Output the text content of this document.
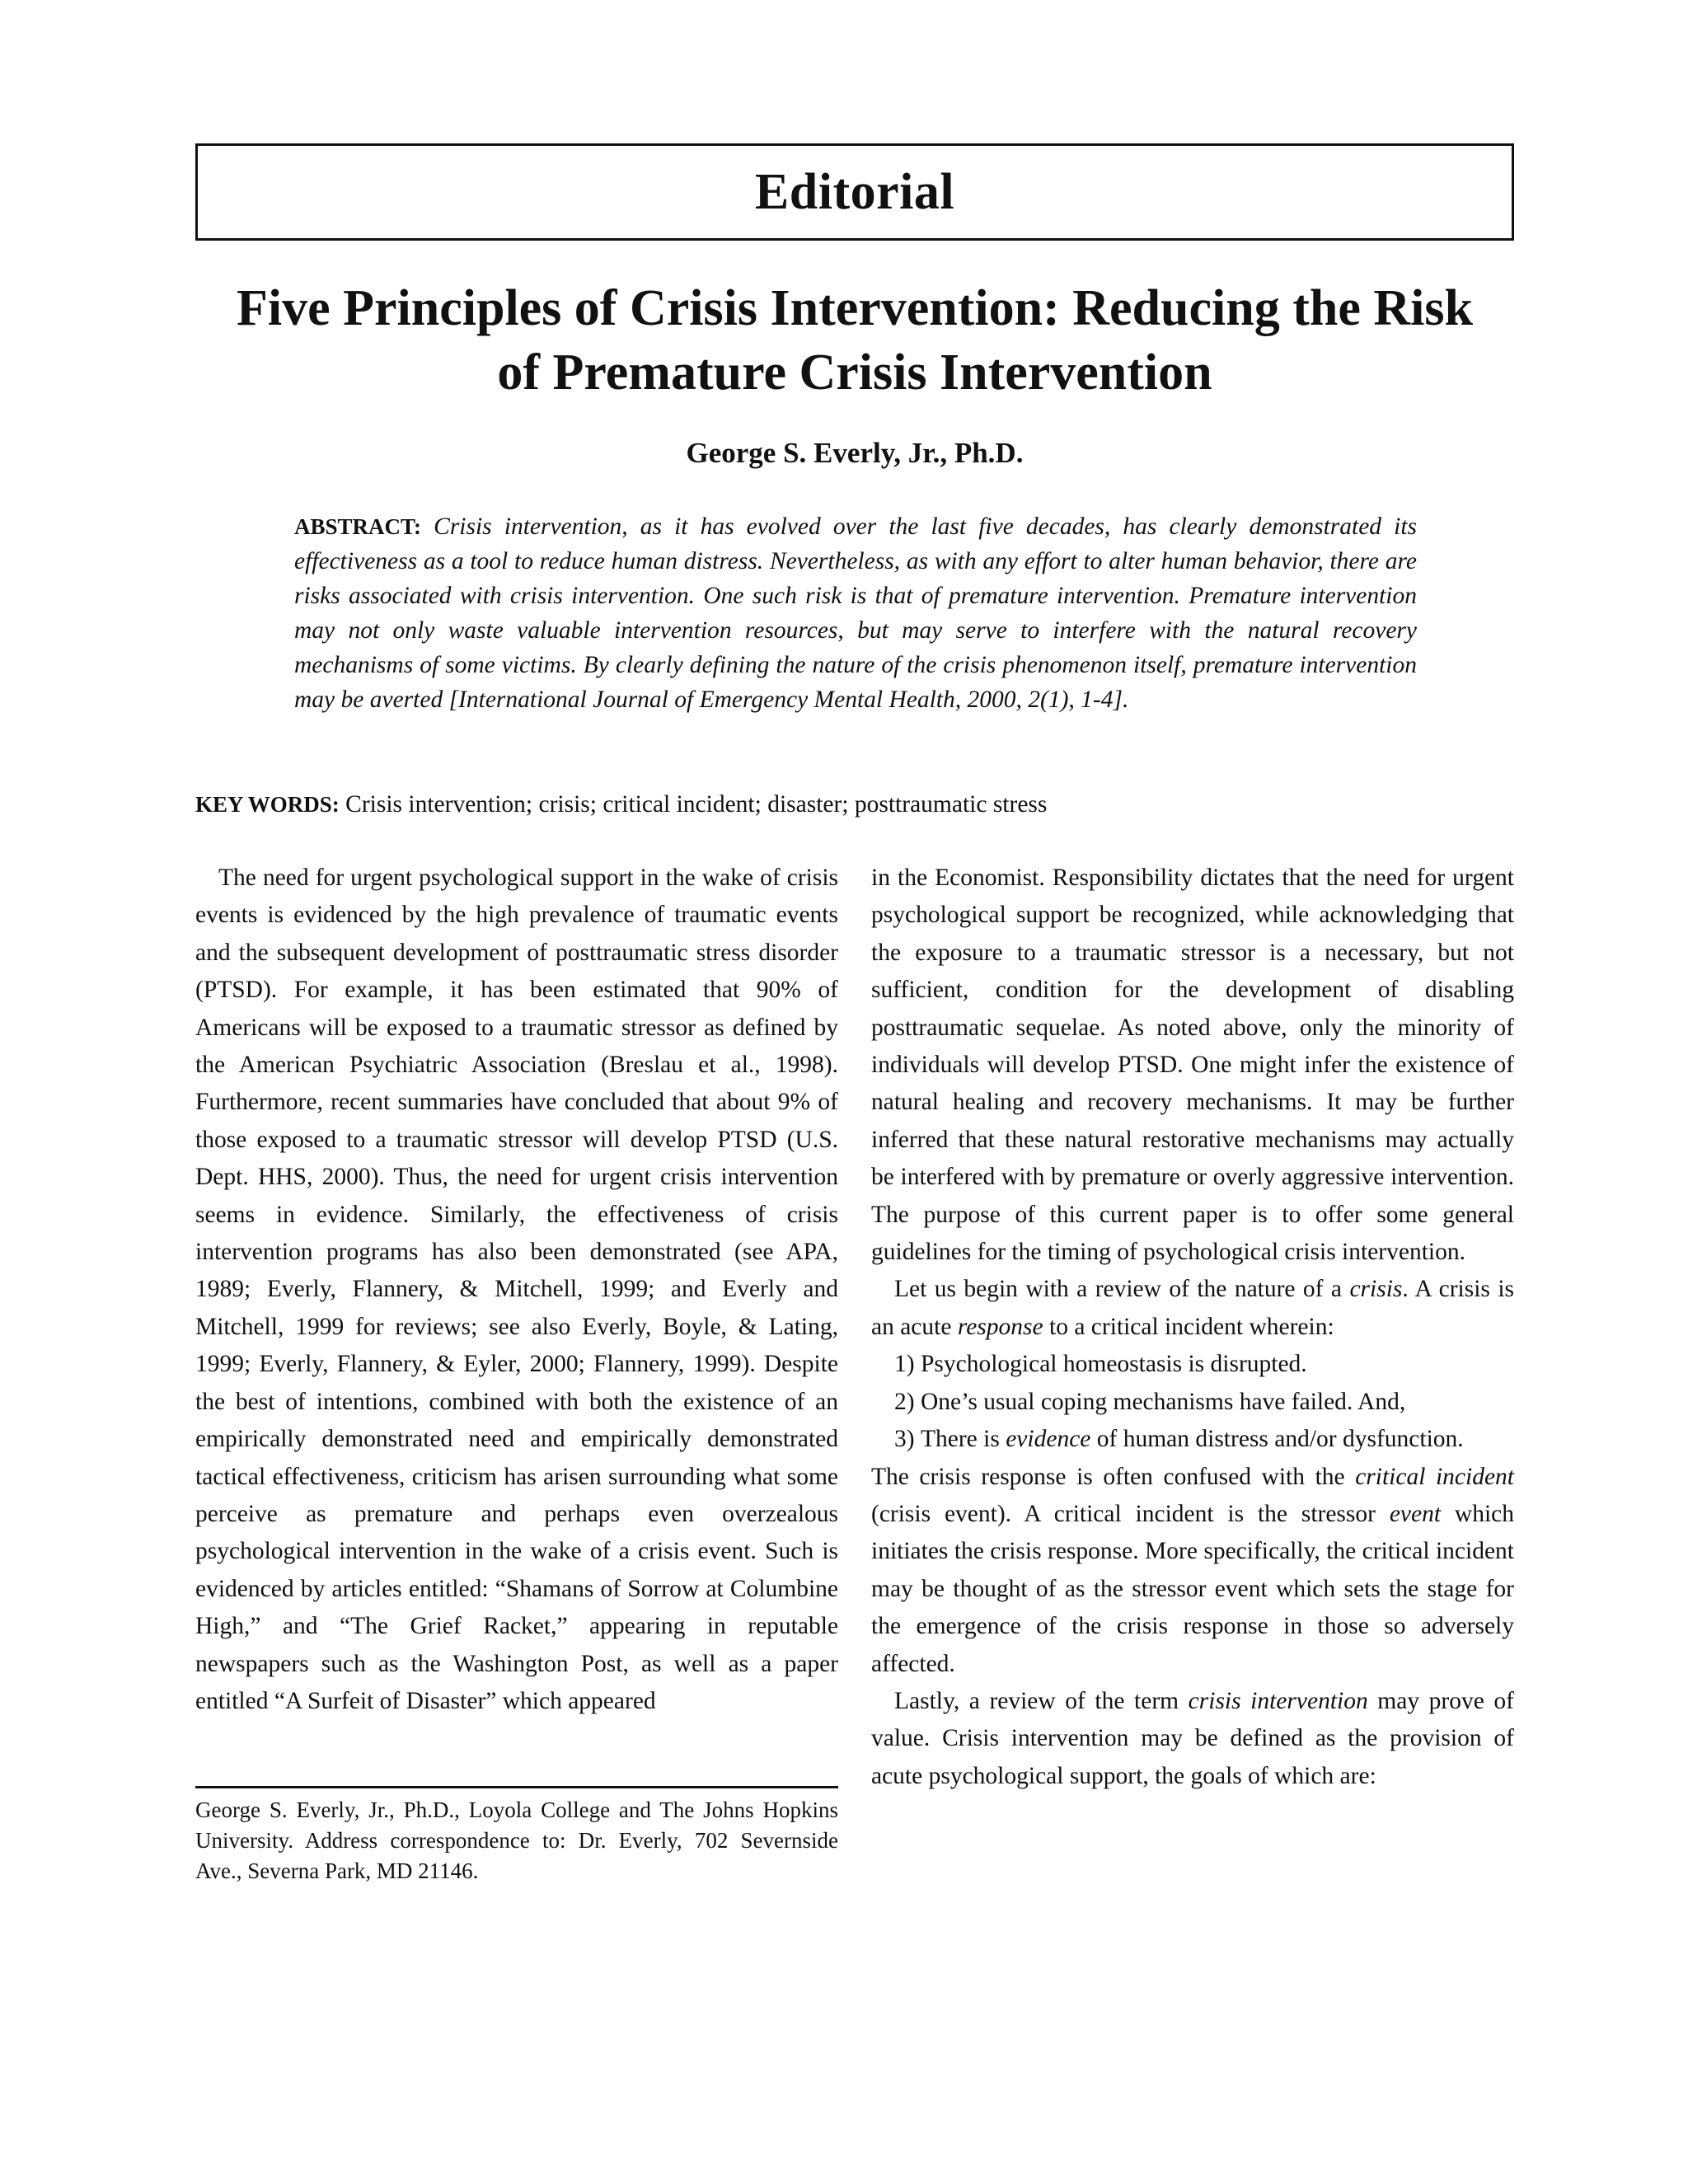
Editorial
Five Principles of Crisis Intervention: Reducing the Risk
of Premature Crisis Intervention
George S. Everly, Jr., Ph.D.

ABSTRACT: Crisis intervention, as it has evolved over the last five decades, has clearly demonstrated its effectiveness as a tool to reduce human distress. Nevertheless, as with any effort to alter human behavior, there are risks associated with crisis intervention. One such risk is that of premature intervention. Premature intervention may not only waste valuable intervention resources, but may serve to interfere with the natural recovery mechanisms of some victims. By clearly defining the nature of the crisis phenomenon itself, premature intervention may be averted [International Journal of Emergency Mental Health, 2000, 2(1), 1-4].

KEY WORDS: Crisis intervention; crisis; critical incident; disaster; posttraumatic stress

The need for urgent psychological support in the wake of crisis events is evidenced by the high prevalence of traumatic events and the subsequent development of posttraumatic stress disorder (PTSD). For example, it has been estimated that 90% of Americans will be exposed to a traumatic stressor as defined by the American Psychiatric Association (Breslau et al., 1998). Furthermore, recent summaries have concluded that about 9% of those exposed to a traumatic stressor will develop PTSD (U.S. Dept. HHS, 2000). Thus, the need for urgent crisis intervention seems in evidence. Similarly, the effectiveness of crisis intervention programs has also been demonstrated (see APA, 1989; Everly, Flannery, & Mitchell, 1999; and Everly and Mitchell, 1999 for reviews; see also Everly, Boyle, & Lating, 1999; Everly, Flannery, & Eyler, 2000; Flannery, 1999). Despite the best of intentions, combined with both the existence of an empirically demonstrated need and empirically demonstrated tactical effectiveness, criticism has arisen surrounding what some perceive as premature and perhaps even overzealous psychological intervention in the wake of a crisis event. Such is evidenced by articles entitled: “Shamans of Sorrow at Columbine High,” and “The Grief Racket,” appearing in reputable newspapers such as the Washington Post, as well as a paper entitled “A Surfeit of Disaster” which appeared

in the Economist. Responsibility dictates that the need for urgent psychological support be recognized, while acknowledging that the exposure to a traumatic stressor is a necessary, but not sufficient, condition for the development of disabling posttraumatic sequelae. As noted above, only the minority of individuals will develop PTSD. One might infer the existence of natural healing and recovery mechanisms. It may be further inferred that these natural restorative mechanisms may actually be interfered with by premature or overly aggressive intervention. The purpose of this current paper is to offer some general guidelines for the timing of psychological crisis intervention.

Let us begin with a review of the nature of a crisis. A crisis is an acute response to a critical incident wherein:

1) Psychological homeostasis is disrupted.
2) One’s usual coping mechanisms have failed. And,
3) There is evidence of human distress and/or dysfunction.

The crisis response is often confused with the critical incident (crisis event). A critical incident is the stressor event which initiates the crisis response. More specifically, the critical incident may be thought of as the stressor event which sets the stage for the emergence of the crisis response in those so adversely affected.

Lastly, a review of the term crisis intervention may prove of value. Crisis intervention may be defined as the provision of acute psychological support, the goals of which are:

George S. Everly, Jr., Ph.D., Loyola College and The Johns Hopkins University. Address correspondence to: Dr. Everly, 702 Severnside Ave., Severna Park, MD 21146.
